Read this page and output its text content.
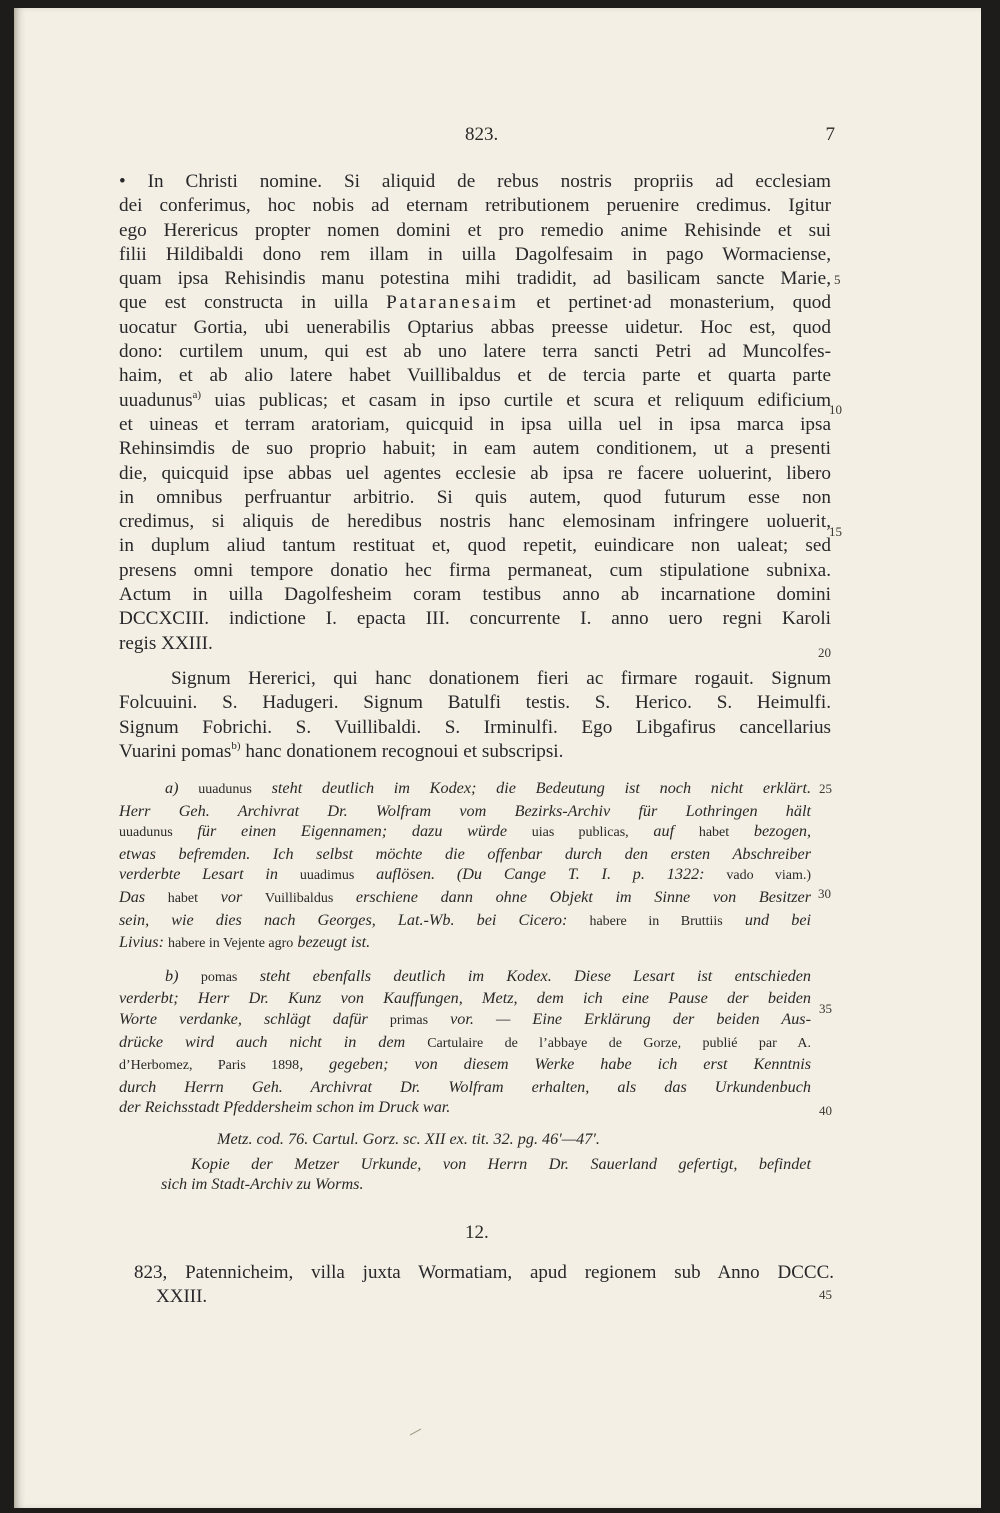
823.	7
• In Christi nomine. Si aliquid de rebus nostris propriis ad ecclesiam
dei conferimus, hoc nobis ad eternam retributionem peruenire credimus. Igitur
ego Herericus propter nomen domini et pro remedio anime Rehisinde et sui
filii Hildibaldi dono rem illam in uilla Dagolfesaim in pago Wormaciense,
quam ipsa Rehisindis manu potestina mihi tradidit, ad basilicam sancte Marie,
que est constructa in uilla Pataranesaim et pertinet·ad monasterium, quod
uocatur Gortia, ubi uenerabilis Optarius abbas preesse uidetur. Hoc est, quod
dono: curtilem unum, qui est ab uno latere terra sancti Petri ad Muncolfes-
haim, et ab alio latere habet Vuillibaldus et de tercia parte et quarta parte
uuadunus$^{a)}$ uias publicas; et casam in ipso curtile et scura et reliquum edificium
et uineas et terram aratoriam, quicquid in ipsa uilla uel in ipsa marca ipsa
Rehinsimdis de suo proprio habuit; in eam autem conditionem, ut a presenti
die, quicquid ipse abbas uel agentes ecclesie ab ipsa re facere uoluerint, libero
in omnibus perfruantur arbitrio. Si quis autem, quod futurum esse non
credimus, si aliquis de heredibus nostris hanc elemosinam infringere uoluerit,
in duplum aliud tantum restituat et, quod repetit, euindicare non ualeat; sed
presens omni tempore donatio hec firma permaneat, cum stipulatione subnixa.
Actum in uilla Dagolfesheim coram testibus anno ab incarnatione domini
DCCXCIII. indictione I. epacta III. concurrente I. anno uero regni Karoli
regis XXIII.
Signum Hererici, qui hanc donationem fieri ac firmare rogauit. Signum
Folcuuini. S. Hadugeri. Signum Batulfi testis. S. Herico. S. Heimulfi.
Signum Fobrichi. S. Vuillibaldi. S. Irminulfi. Ego Libgafirus cancellarius
Vuarini pomas$^{b)}$ hanc donationem recognoui et subscripsi.
5
10
15
20
25
30
35
40
45
a) uuadunus steht deutlich im Kodex; die Bedeutung ist noch nicht erklärt.
Herr Geh. Archivrat Dr. Wolfram vom Bezirks-Archiv für Lothringen hält
uuadunus für einen Eigennamen; dazu würde uias publicas, auf habet bezogen,
etwas befremden. Ich selbst möchte die offenbar durch den ersten Abschreiber
verderbte Lesart in uuadimus auflösen. (Du Cange T. I. p. 1322: vado viam.)
Das habet vor Vuillibaldus erschiene dann ohne Objekt im Sinne von Besitzer
sein, wie dies nach Georges, Lat.-Wb. bei Cicero: habere in Bruttiis und bei
Livius: habere in Vejente agro bezeugt ist.
b) pomas steht ebenfalls deutlich im Kodex. Diese Lesart ist entschieden
verderbt; Herr Dr. Kunz von Kauffungen, Metz, dem ich eine Pause der beiden
Worte verdanke, schlägt dafür primas vor. — Eine Erklärung der beiden Aus-
drücke wird auch nicht in dem Cartulaire de l’abbaye de Gorze, publié par A.
d’Herbomez, Paris 1898, gegeben; von diesem Werke habe ich erst Kenntnis
durch Herrn Geh. Archivrat Dr. Wolfram erhalten, als das Urkundenbuch
der Reichsstadt Pfeddersheim schon im Druck war.
Metz. cod. 76. Cartul. Gorz. sc. XII ex. tit. 32. pg. 46′—47′.
Kopie der Metzer Urkunde, von Herrn Dr. Sauerland gefertigt, befindet
sich im Stadt-Archiv zu Worms.
12.
823, Patennicheim, villa juxta Wormatiam, apud regionem sub Anno DCCC.
XXIII.
